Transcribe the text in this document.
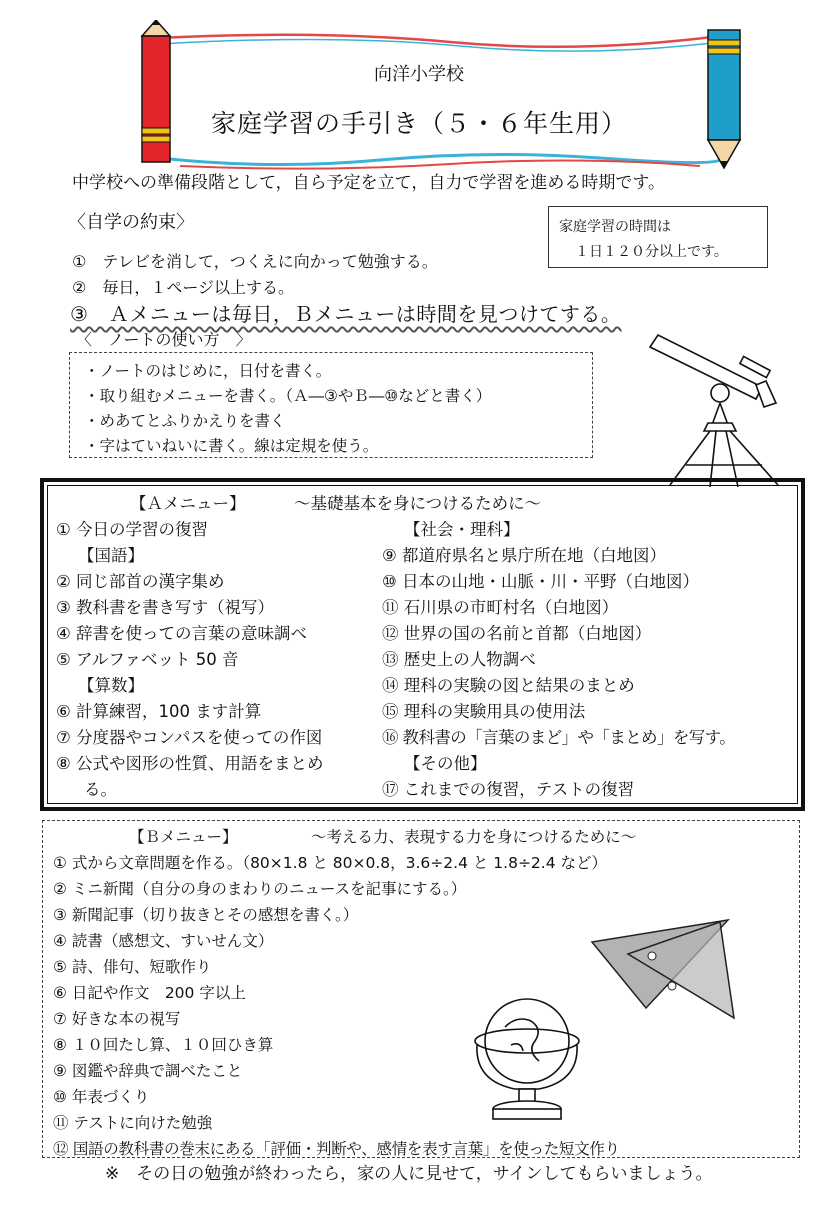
向洋小学校
家庭学習の手引き（５・６年生用）
中学校への準備段階として，自ら予定を立て，自力で学習を進める時期です。
〈自学の約束〉
①　テレビを消して，つくえに向かって勉強する。
②　毎日，１ページ以上する。
③　Ａメニューは毎日，Ｂメニューは時間を見つけてする。
家庭学習の時間は
１日１２０分以上です。
〈　ノートの使い方　〉
・ノートのはじめに，日付を書く。
・取り組むメニューを書く。（Ａ―③やＢ―⑩などと書く）
・めあてとふりかえりを書く
・字はていねいに書く。線は定規を使う。
【Ａメニュー】	～基礎基本を身につけるために～
① 今日の学習の復習
【国語】
② 同じ部首の漢字集め
③ 教科書を書き写す（視写）
④ 辞書を使っての言葉の意味調べ
⑤ アルファベット 50 音
【算数】
⑥ 計算練習，100 ます計算
⑦ 分度器やコンパスを使っての作図
⑧ 公式や図形の性質、用語をまとめ
る。
【社会・理科】
⑨ 都道府県名と県庁所在地（白地図）
⑩ 日本の山地・山脈・川・平野（白地図）
⑪ 石川県の市町村名（白地図）
⑫ 世界の国の名前と首都（白地図）
⑬ 歴史上の人物調べ
⑭ 理科の実験の図と結果のまとめ
⑮ 理科の実験用具の使用法
⑯ 教科書の「言葉のまど」や「まとめ」を写す。
【その他】
⑰ これまでの復習，テストの復習
【Ｂメニュー】	～考える力、表現する力を身につけるために～
① 式から文章問題を作る。（80×1.8 と 80×0.8，3.6÷2.4 と 1.8÷2.4 など）
② ミニ新聞（自分の身のまわりのニュースを記事にする。）
③ 新聞記事（切り抜きとその感想を書く。）
④ 読書（感想文、すいせん文）
⑤ 詩、俳句、短歌作り
⑥ 日記や作文　200 字以上
⑦ 好きな本の視写
⑧ １０回たし算、１０回ひき算
⑨ 図鑑や辞典で調べたこと
⑩ 年表づくり
⑪ テストに向けた勉強
⑫ 国語の教科書の巻末にある「評価・判断や、感情を表す言葉」を使った短文作り
※　その日の勉強が終わったら，家の人に見せて，サインしてもらいましょう。
